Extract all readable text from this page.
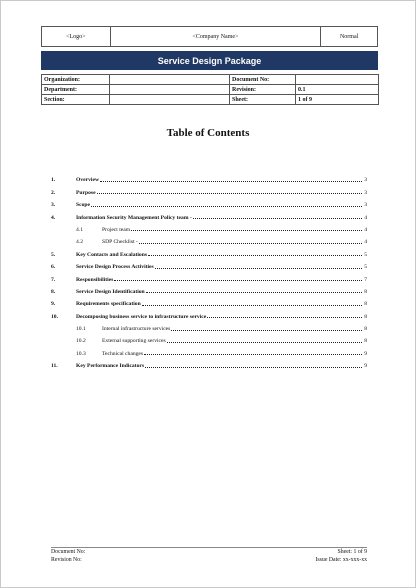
<Logo>	<Company Name>	Normal
Service Design Package
Organization:		Document No:	
Department:		Revision:	0.1
Section:		Sheet:	1 of 9
Table of Contents
1.	Overview	3
2.	Purpose	3
3.	Scope	3
4.	Information Security Management Policy team -	4
4.1	Project team	4
4.2	SDP Checklist -	4
5.	Key Contacts and Escalations	5
6.	Service Design Process Activities	5
7.	Responsibilities	7
8.	Service Design Identification	8
9.	Requirements specification	8
10.	Decomposing business service to infrastructure service	8
10.1	Internal infrastructure services	8
10.2	External supporting services	8
10.3	Technical changes	9
11.	Key Performance Indicators	9
Document No:
Revision No:
Sheet: 1 of 9
Issue Date: xx-xxx-xx
